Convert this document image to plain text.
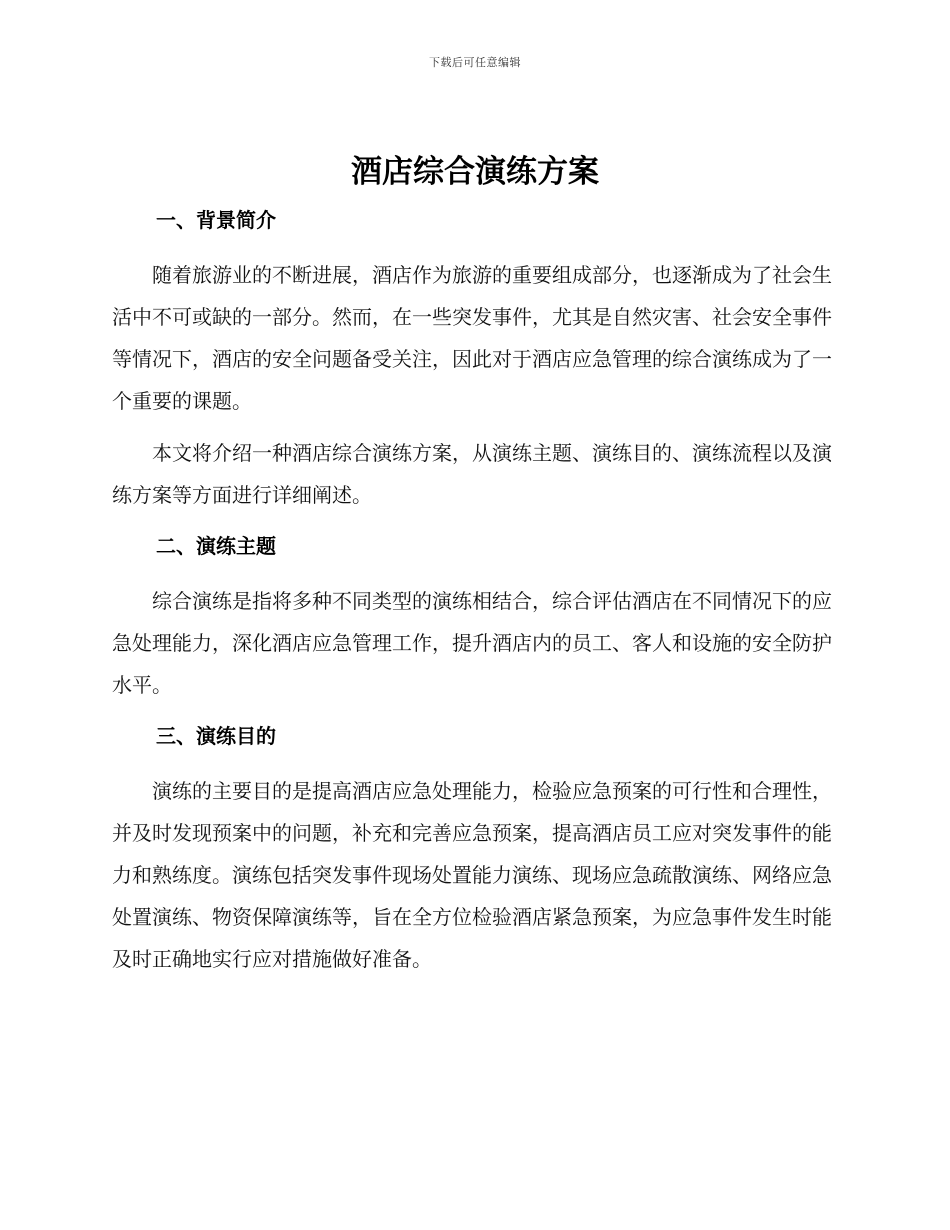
下载后可任意编辑
酒店综合演练方案
一、背景简介

随着旅游业的不断进展，酒店作为旅游的重要组成部分，也逐渐成为了社会生活中不可或缺的一部分。然而，在一些突发事件，尤其是自然灾害、社会安全事件等情况下，酒店的安全问题备受关注，因此对于酒店应急管理的综合演练成为了一个重要的课题。

本文将介绍一种酒店综合演练方案，从演练主题、演练目的、演练流程以及演练方案等方面进行详细阐述。

二、演练主题

综合演练是指将多种不同类型的演练相结合，综合评估酒店在不同情况下的应急处理能力，深化酒店应急管理工作，提升酒店内的员工、客人和设施的安全防护水平。

三、演练目的

演练的主要目的是提高酒店应急处理能力，检验应急预案的可行性和合理性，并及时发现预案中的问题，补充和完善应急预案，提高酒店员工应对突发事件的能力和熟练度。演练包括突发事件现场处置能力演练、现场应急疏散演练、网络应急处置演练、物资保障演练等，旨在全方位检验酒店紧急预案，为应急事件发生时能及时正确地实行应对措施做好准备。
